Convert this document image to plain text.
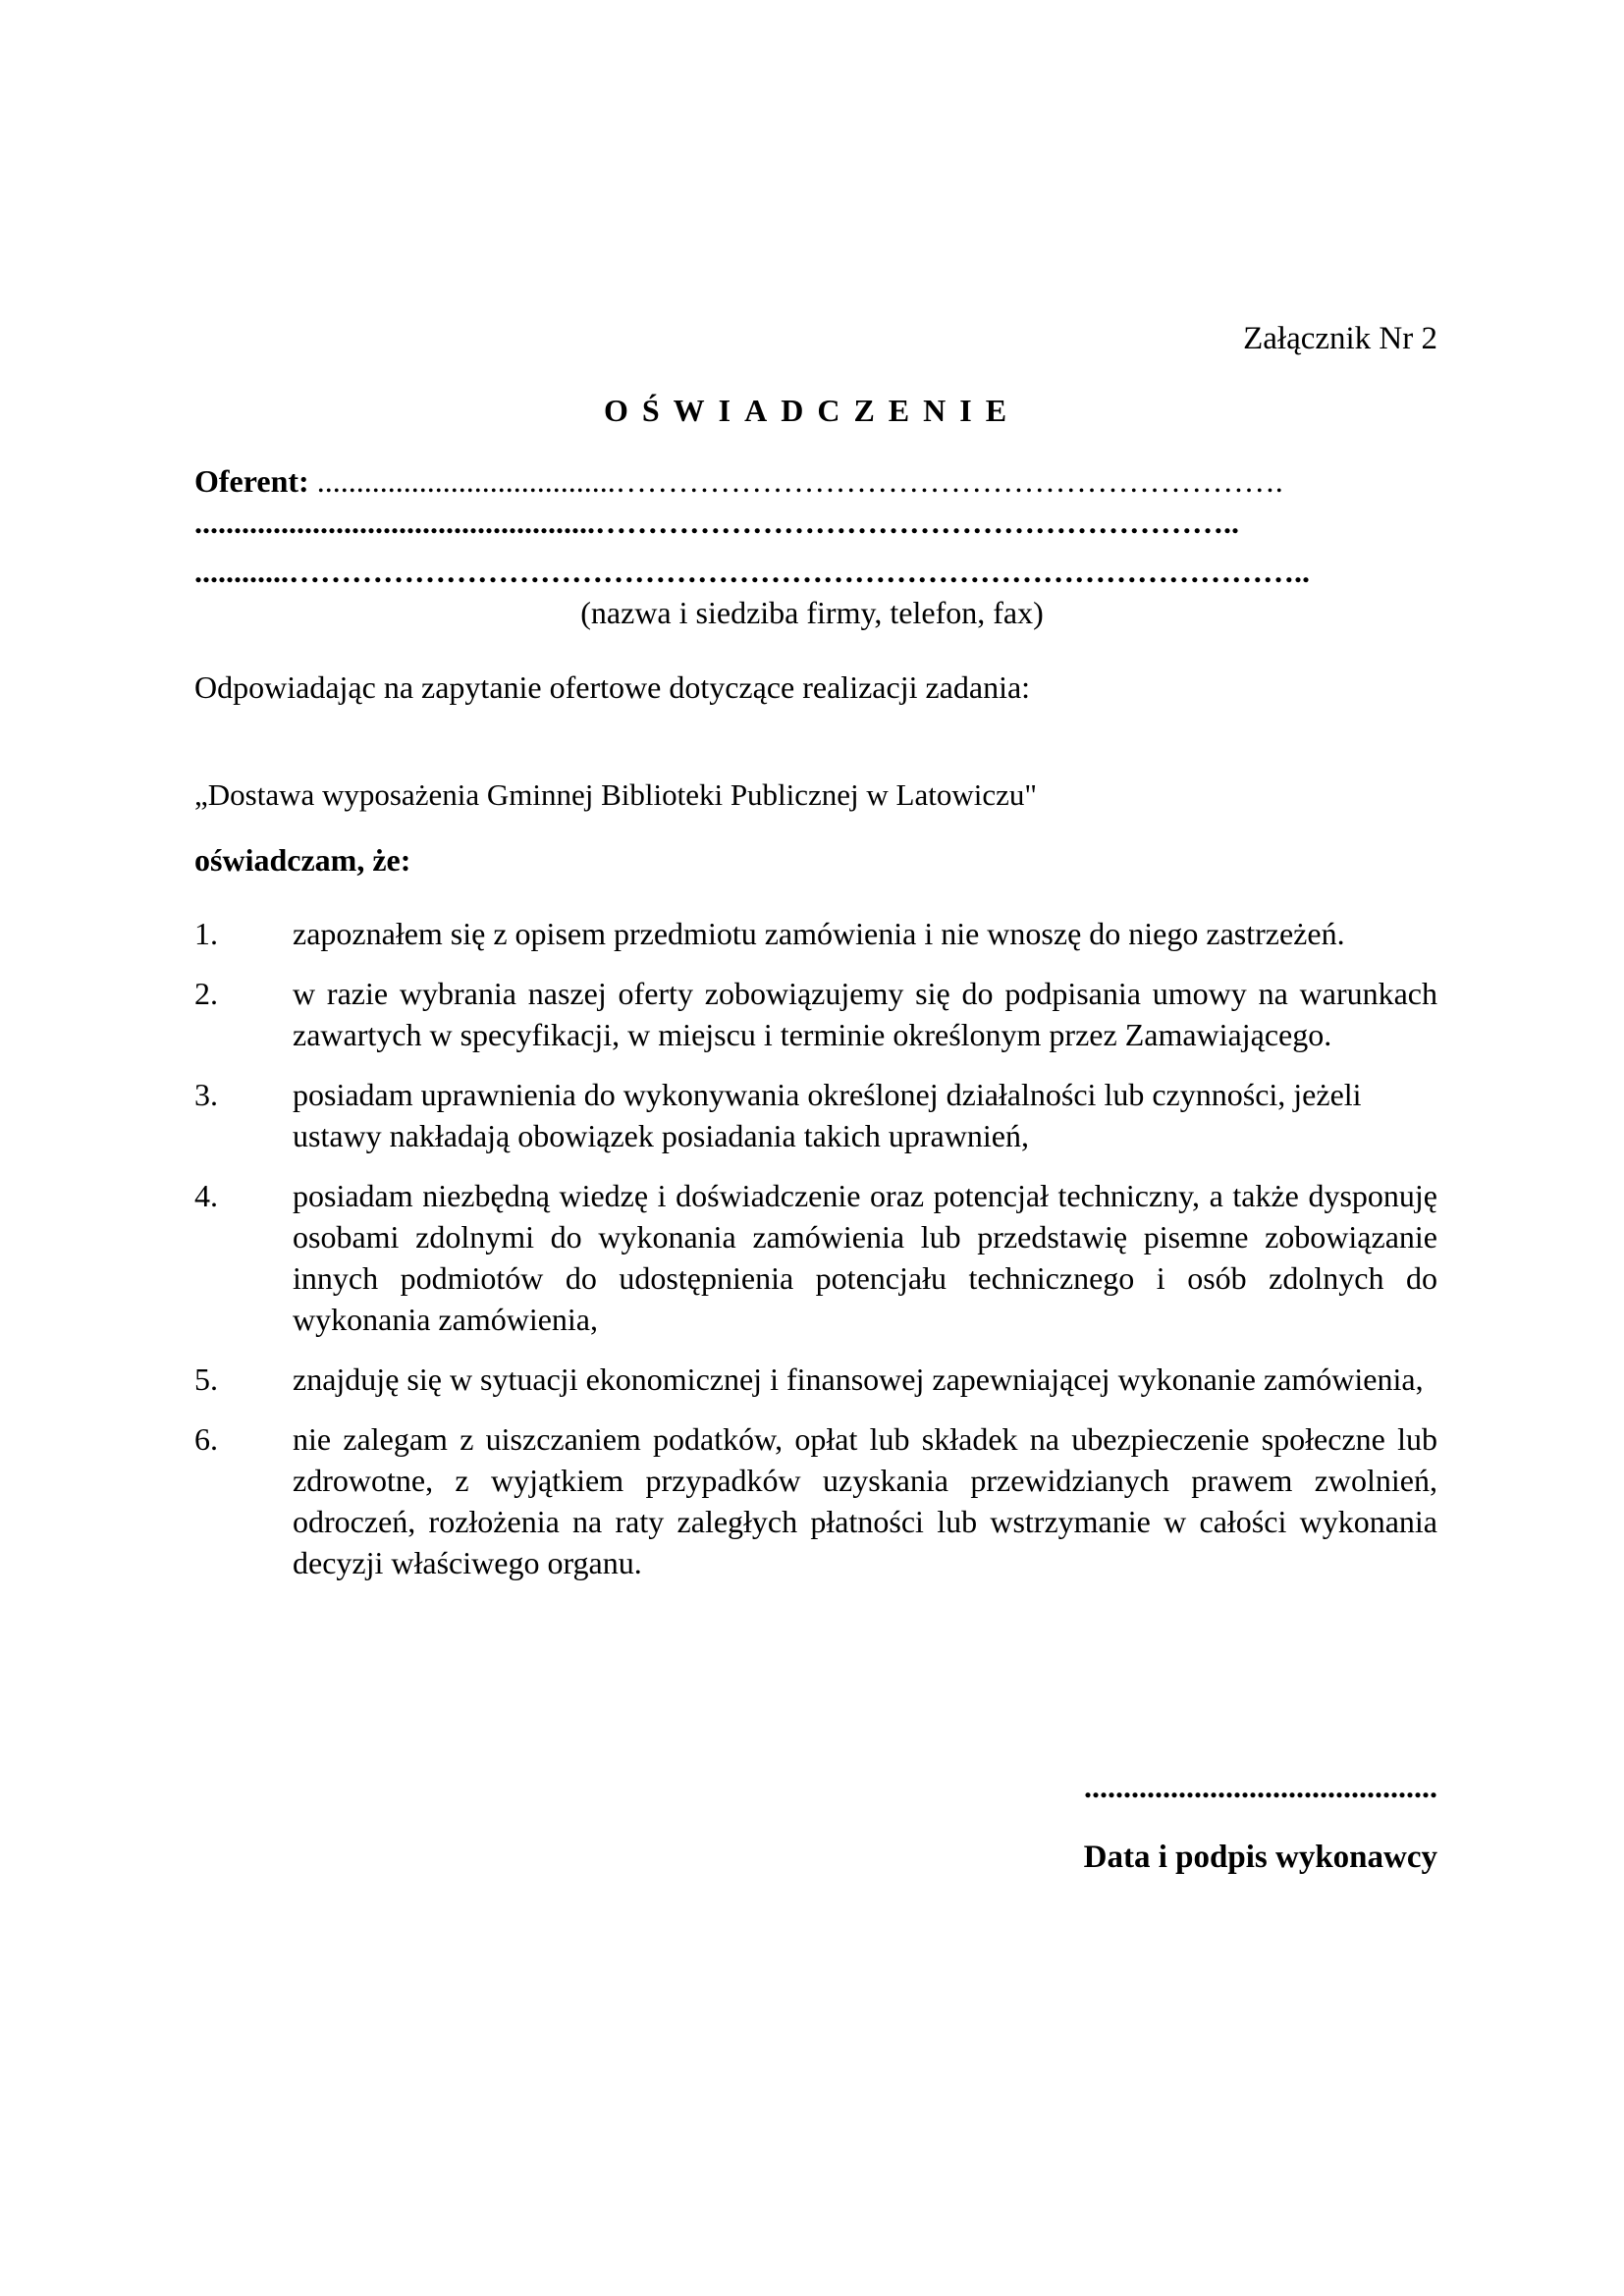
Załącznik Nr 2

OŚWIADCZENIE

Oferent: ......................................……………………………………………………….

...................................................……………………………………………………..

............……………………………………………………………………………………..

(nazwa i siedziba firmy, telefon, fax)

Odpowiadając na zapytanie ofertowe dotyczące realizacji zadania:

„Dostawa wyposażenia Gminnej Biblioteki Publicznej w Latowiczu"

oświadczam, że:

1. zapoznałem się z opisem przedmiotu zamówienia i nie wnoszę do niego zastrzeżeń.
2. w razie wybrania naszej oferty zobowiązujemy się do podpisania umowy na warunkach zawartych w specyfikacji, w miejscu i terminie określonym przez Zamawiającego.
3. posiadam uprawnienia do wykonywania określonej działalności lub czynności, jeżeli ustawy nakładają obowiązek posiadania takich uprawnień,
4. posiadam niezbędną wiedzę i doświadczenie oraz potencjał techniczny, a także dysponuję osobami zdolnymi do wykonania zamówienia lub przedstawię pisemne zobowiązanie innych podmiotów do udostępnienia potencjału technicznego i osób zdolnych do wykonania zamówienia,
5. znajduję się w sytuacji ekonomicznej i finansowej zapewniającej wykonanie zamówienia,
6. nie zalegam z uiszczaniem podatków, opłat lub składek na ubezpieczenie społeczne lub zdrowotne, z wyjątkiem przypadków uzyskania przewidzianych prawem zwolnień, odroczeń, rozłożenia na raty zaległych płatności lub wstrzymanie w całości wykonania decyzji właściwego organu.

.............................................

Data i podpis wykonawcy
